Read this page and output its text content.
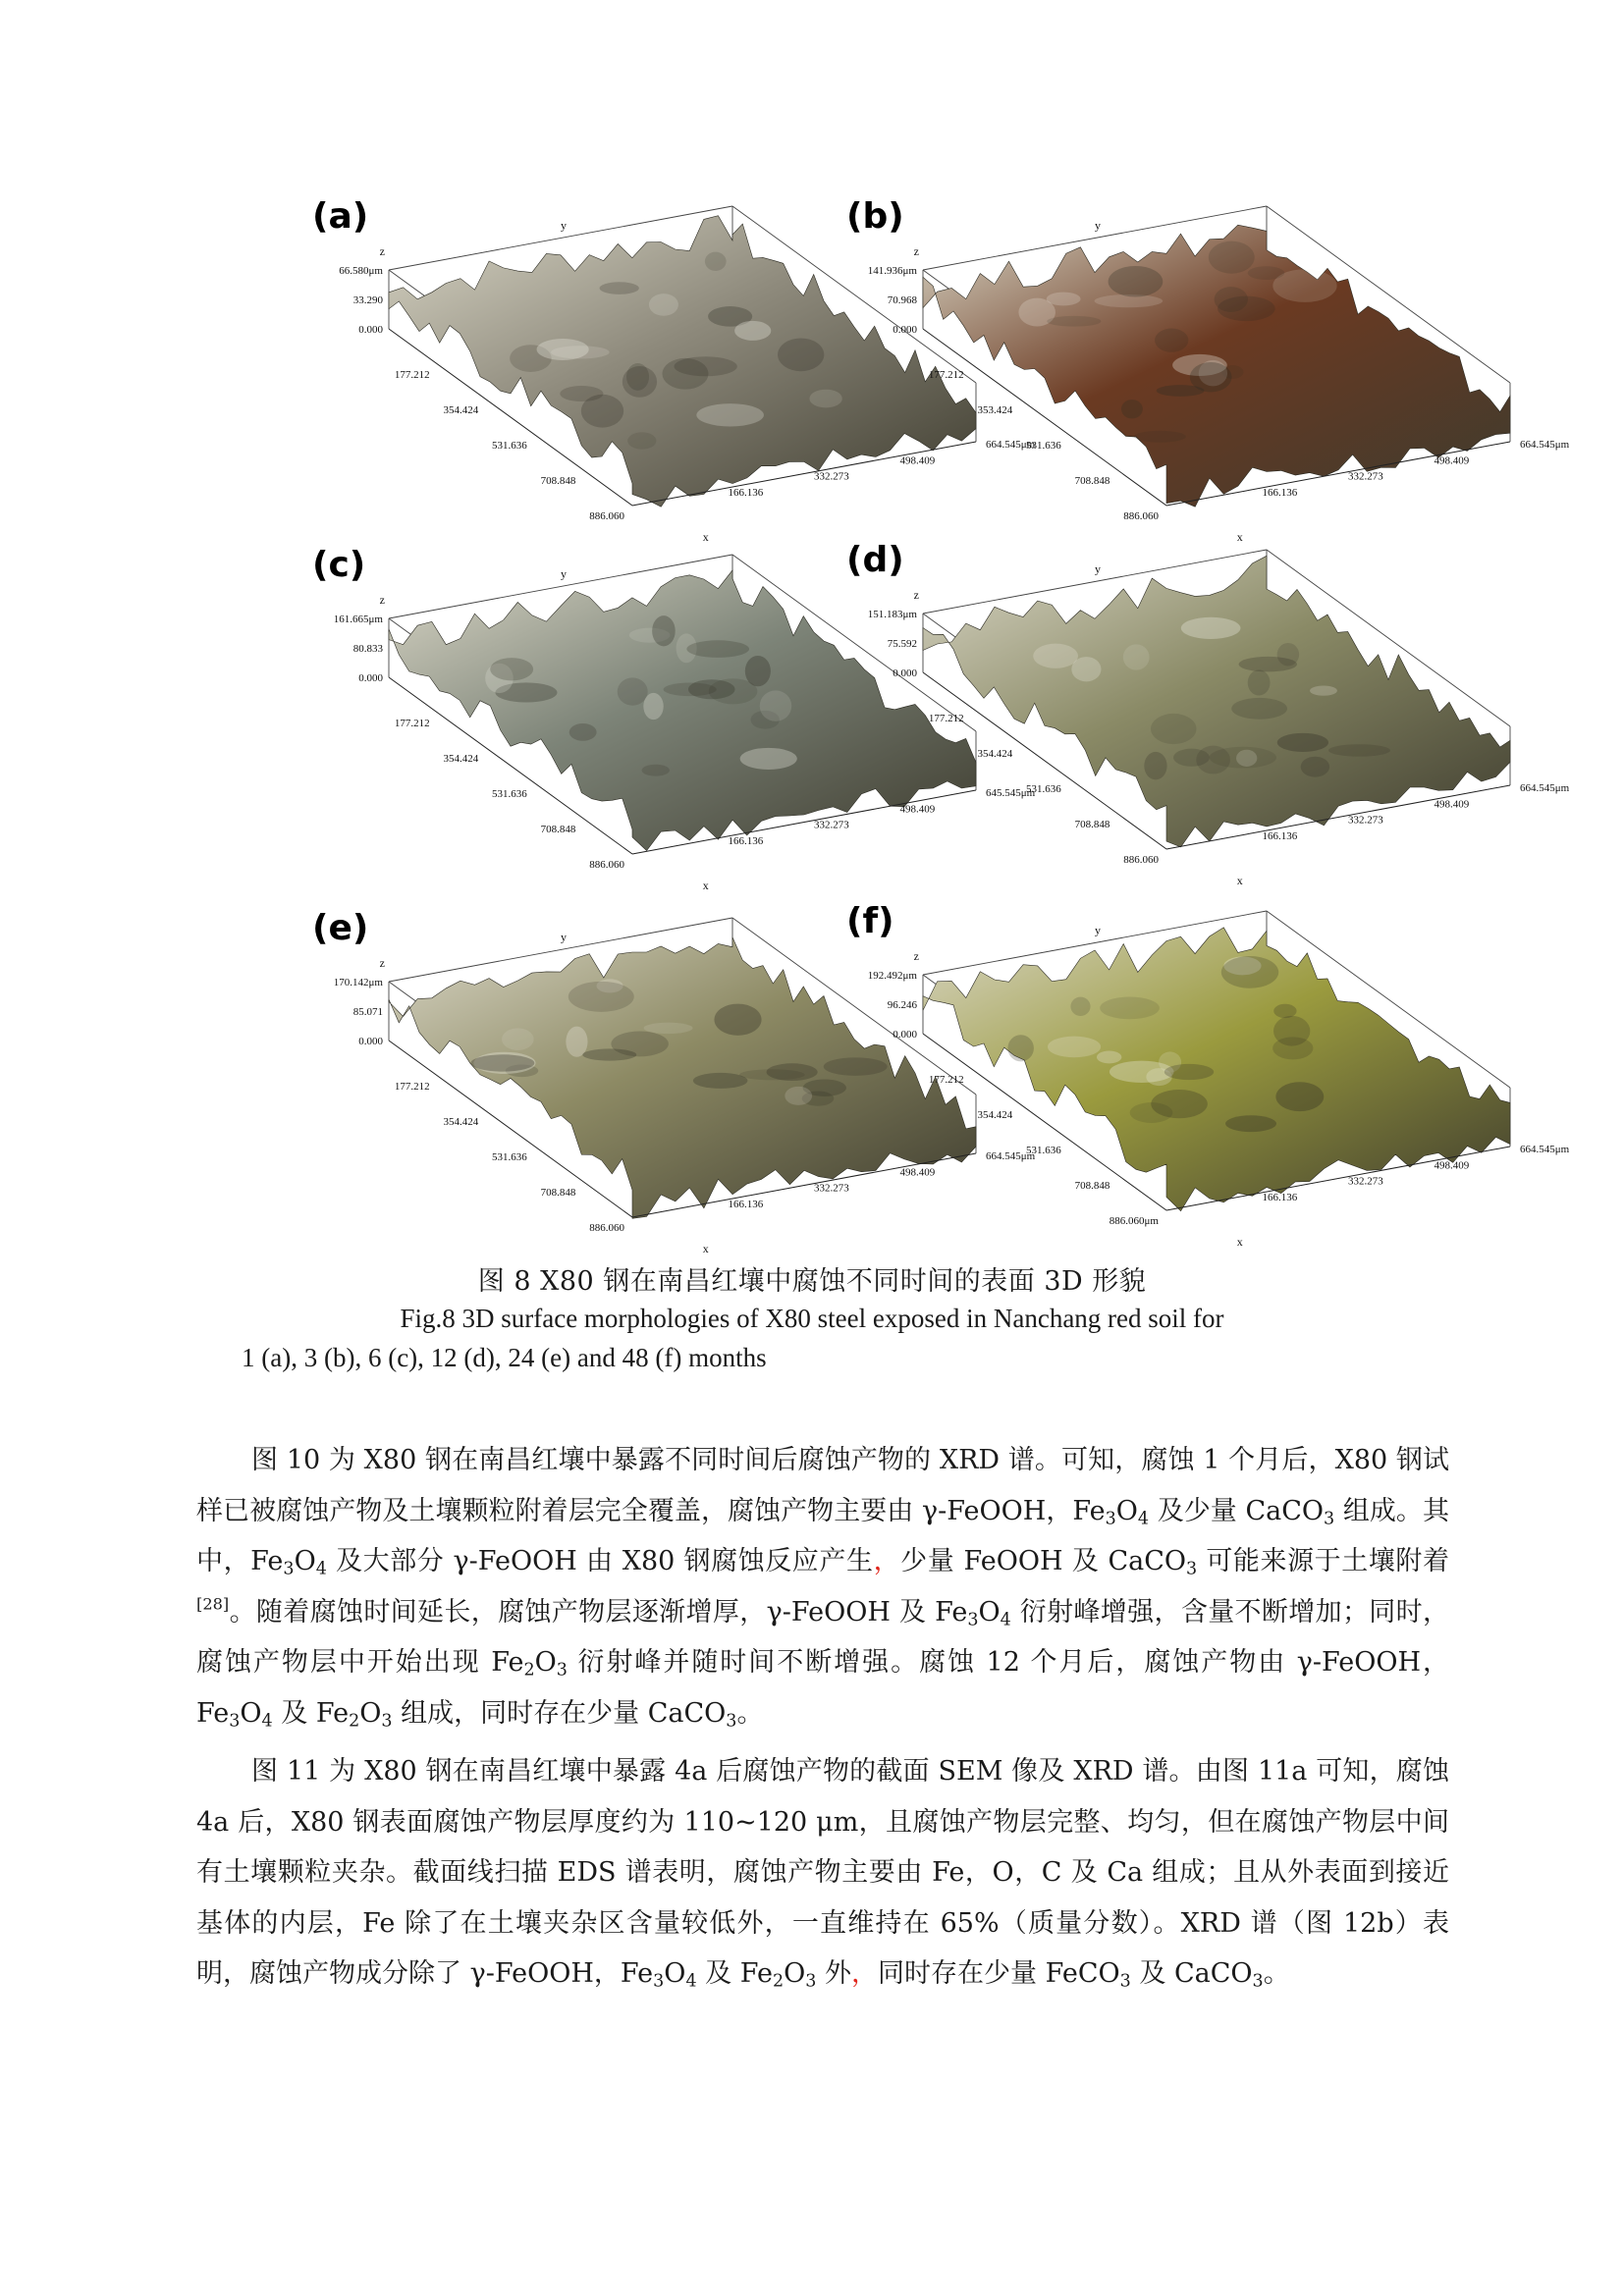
(a)
66.580μm
33.290
0.000
z
177.212
354.424
531.636
708.848
886.060
x
664.545μm
498.409
332.273
166.136
y	(b)
141.936μm
70.968
0.000
z
177.212
353.424
531.636
708.848
886.060
x
664.545μm
498.409
332.273
166.136
y
(c)
161.665μm
80.833
0.000
z
177.212
354.424
531.636
708.848
886.060
x
645.545μm
498.409
332.273
166.136
y	(d)
151.183μm
75.592
0.000
z
177.212
354.424
531.636
708.848
886.060
x
664.545μm
498.409
332.273
166.136
y
(e)
170.142μm
85.071
0.000
z
177.212
354.424
531.636
708.848
886.060
x
664.545μm
498.409
332.273
166.136
y	(f)
192.492μm
96.246
0.000
z
177.212
354.424
531.636
708.848
886.060μm
x
664.545μm
498.409
332.273
166.136
y
图 8 X80 钢在南昌红壤中腐蚀不同时间的表面 3D 形貌
Fig.8 3D surface morphologies of X80 steel exposed in Nanchang red soil for
1 (a), 3 (b), 6 (c), 12 (d), 24 (e) and 48 (f) months

图 10 为 X80 钢在南昌红壤中暴露不同时间后腐蚀产物的 XRD 谱。可知，腐蚀 1 个月后，X80 钢试样已被腐蚀产物及土壤颗粒附着层完全覆盖，腐蚀产物主要由 γ-FeOOH，$Fe_3O_4$ 及少量 CaCO$_3$ 组成。其中，$Fe_3O_4$ 及大部分 γ-FeOOH 由 X80 钢腐蚀反应产生，少量 FeOOH 及 CaCO$_3$ 可能来源于土壤附着[28]。随着腐蚀时间延长，腐蚀产物层逐渐增厚，γ-FeOOH 及 $Fe_3O_4$ 衍射峰增强，含量不断增加；同时，腐蚀产物层中开始出现 $Fe_2O_3$ 衍射峰并随时间不断增强。腐蚀 12 个月后，腐蚀产物由 γ-FeOOH，$Fe_3O_4$ 及 $Fe_2O_3$ 组成，同时存在少量 CaCO$_3$。

图 11 为 X80 钢在南昌红壤中暴露 4a 后腐蚀产物的截面 SEM 像及 XRD 谱。由图 11a 可知，腐蚀 4a 后，X80 钢表面腐蚀产物层厚度约为 110~120 μm，且腐蚀产物层完整、均匀，但在腐蚀产物层中间有土壤颗粒夹杂。截面线扫描 EDS 谱表明，腐蚀产物主要由 Fe，O，C 及 Ca 组成；且从外表面到接近基体的内层，Fe 除了在土壤夹杂区含量较低外，一直维持在 65%（质量分数）。XRD 谱（图 12b）表明，腐蚀产物成分除了 γ-FeOOH，$Fe_3O_4$ 及 $Fe_2O_3$ 外，同时存在少量 FeCO$_3$ 及 CaCO$_3$。
